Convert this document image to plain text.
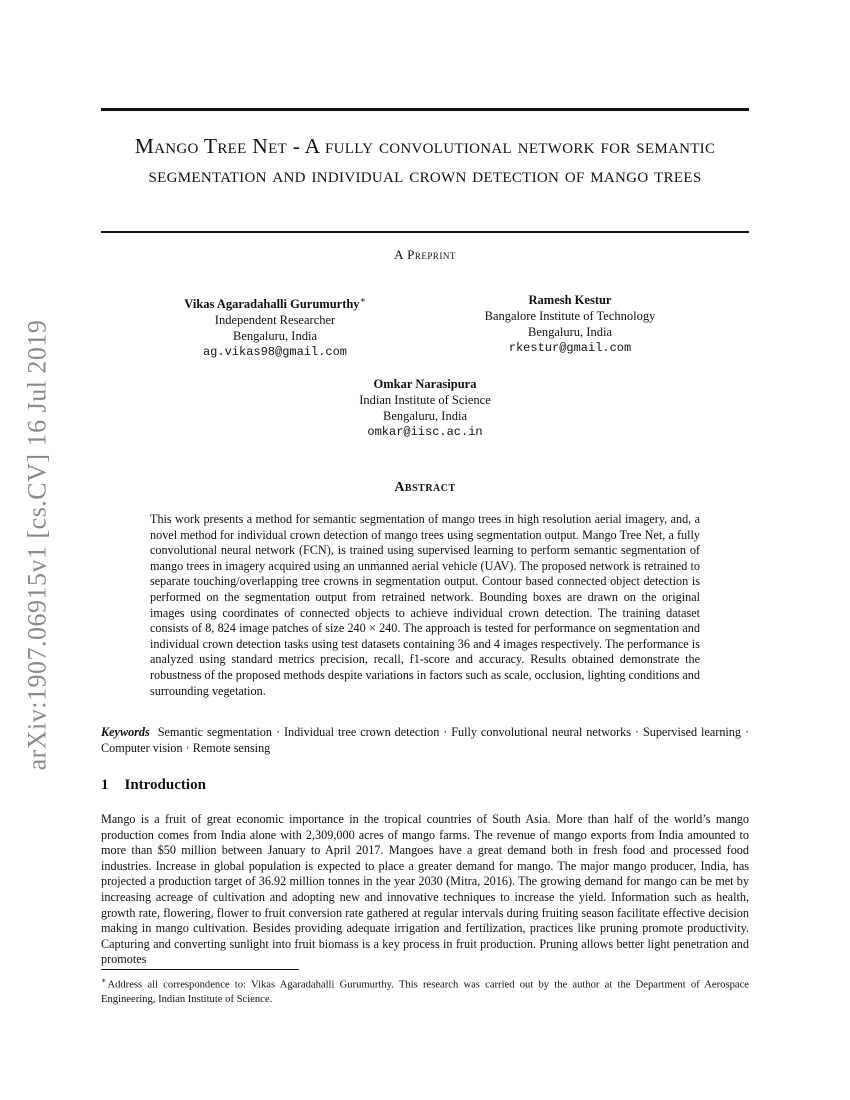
arXiv:1907.06915v1 [cs.CV] 16 Jul 2019
Mango Tree Net - A fully convolutional network for semantic segmentation and individual crown detection of mango trees
A Preprint
Vikas Agaradahalli Gurumurthy∗
Independent Researcher
Bengaluru, India
ag.vikas98@gmail.com
Ramesh Kestur
Bangalore Institute of Technology
Bengaluru, India
rkestur@gmail.com
Omkar Narasipura
Indian Institute of Science
Bengaluru, India
omkar@iisc.ac.in
Abstract
This work presents a method for semantic segmentation of mango trees in high resolution aerial imagery, and, a novel method for individual crown detection of mango trees using segmentation output. Mango Tree Net, a fully convolutional neural network (FCN), is trained using supervised learning to perform semantic segmentation of mango trees in imagery acquired using an unmanned aerial vehicle (UAV). The proposed network is retrained to separate touching/overlapping tree crowns in segmentation output. Contour based connected object detection is performed on the segmentation output from retrained network. Bounding boxes are drawn on the original images using coordinates of connected objects to achieve individual crown detection. The training dataset consists of 8, 824 image patches of size 240 × 240. The approach is tested for performance on segmentation and individual crown detection tasks using test datasets containing 36 and 4 images respectively. The performance is analyzed using standard metrics precision, recall, f1-score and accuracy. Results obtained demonstrate the robustness of the proposed methods despite variations in factors such as scale, occlusion, lighting conditions and surrounding vegetation.
Keywords Semantic segmentation · Individual tree crown detection · Fully convolutional neural networks · Supervised learning · Computer vision · Remote sensing
1 Introduction
Mango is a fruit of great economic importance in the tropical countries of South Asia. More than half of the world’s mango production comes from India alone with 2,309,000 acres of mango farms. The revenue of mango exports from India amounted to more than $50 million between January to April 2017. Mangoes have a great demand both in fresh food and processed food industries. Increase in global population is expected to place a greater demand for mango. The major mango producer, India, has projected a production target of 36.92 million tonnes in the year 2030 (Mitra, 2016). The growing demand for mango can be met by increasing acreage of cultivation and adopting new and innovative techniques to increase the yield. Information such as health, growth rate, flowering, flower to fruit conversion rate gathered at regular intervals during fruiting season facilitate effective decision making in mango cultivation. Besides providing adequate irrigation and fertilization, practices like pruning promote productivity. Capturing and converting sunlight into fruit biomass is a key process in fruit production. Pruning allows better light penetration and promotes
∗Address all correspondence to: Vikas Agaradahalli Gurumurthy. This research was carried out by the author at the Department of Aerospace Engineering, Indian Institute of Science.
